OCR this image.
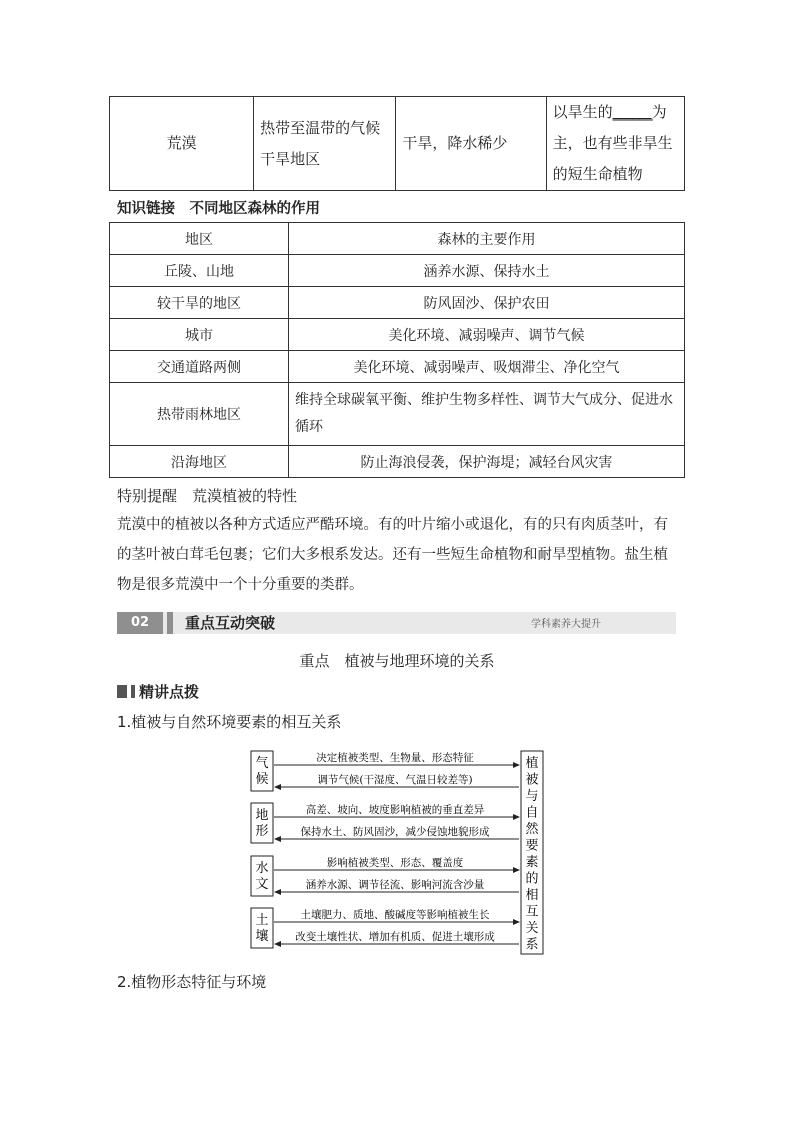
荒漠	热带至温带的气候干旱地区	干旱，降水稀少	以旱生的______为主，也有些非旱生的短生命植物
知识链接　不同地区森林的作用
地区	森林的主要作用
丘陵、山地	涵养水源、保持水土
较干旱的地区	防风固沙、保护农田
城市	美化环境、减弱噪声、调节气候
交通道路两侧	美化环境、减弱噪声、吸烟滞尘、净化空气
热带雨林地区	维持全球碳氧平衡、维护生物多样性、调节大气成分、促进水循环
沿海地区	防止海浪侵袭，保护海堤；减轻台风灾害
特别提醒　荒漠植被的特性
荒漠中的植被以各种方式适应严酷环境。有的叶片缩小或退化，有的只有肉质茎叶，有的茎叶被白茸毛包裹；它们大多根系发达。还有一些短生命植物和耐旱型植物。盐生植物是很多荒漠中一个十分重要的类群。
02	重点互动突破	学科素养大提升
重点　植被与地理环境的关系
精讲点拨
1.植被与自然环境要素的相互关系
植
被
与
自
然
要
素
的
相
互
关
系
气
候
决定植被类型、生物量、形态特征
调节气候(干湿度、气温日较差等)
地
形
高差、坡向、坡度影响植被的垂直差异
保持水土、防风固沙，减少侵蚀地貌形成
水
文
影响植被类型、形态、覆盖度
涵养水源、调节径流、影响河流含沙量
土
壤
土壤肥力、质地、酸碱度等影响植被生长
改变土壤性状、增加有机质、促进土壤形成
2.植物形态特征与环境
